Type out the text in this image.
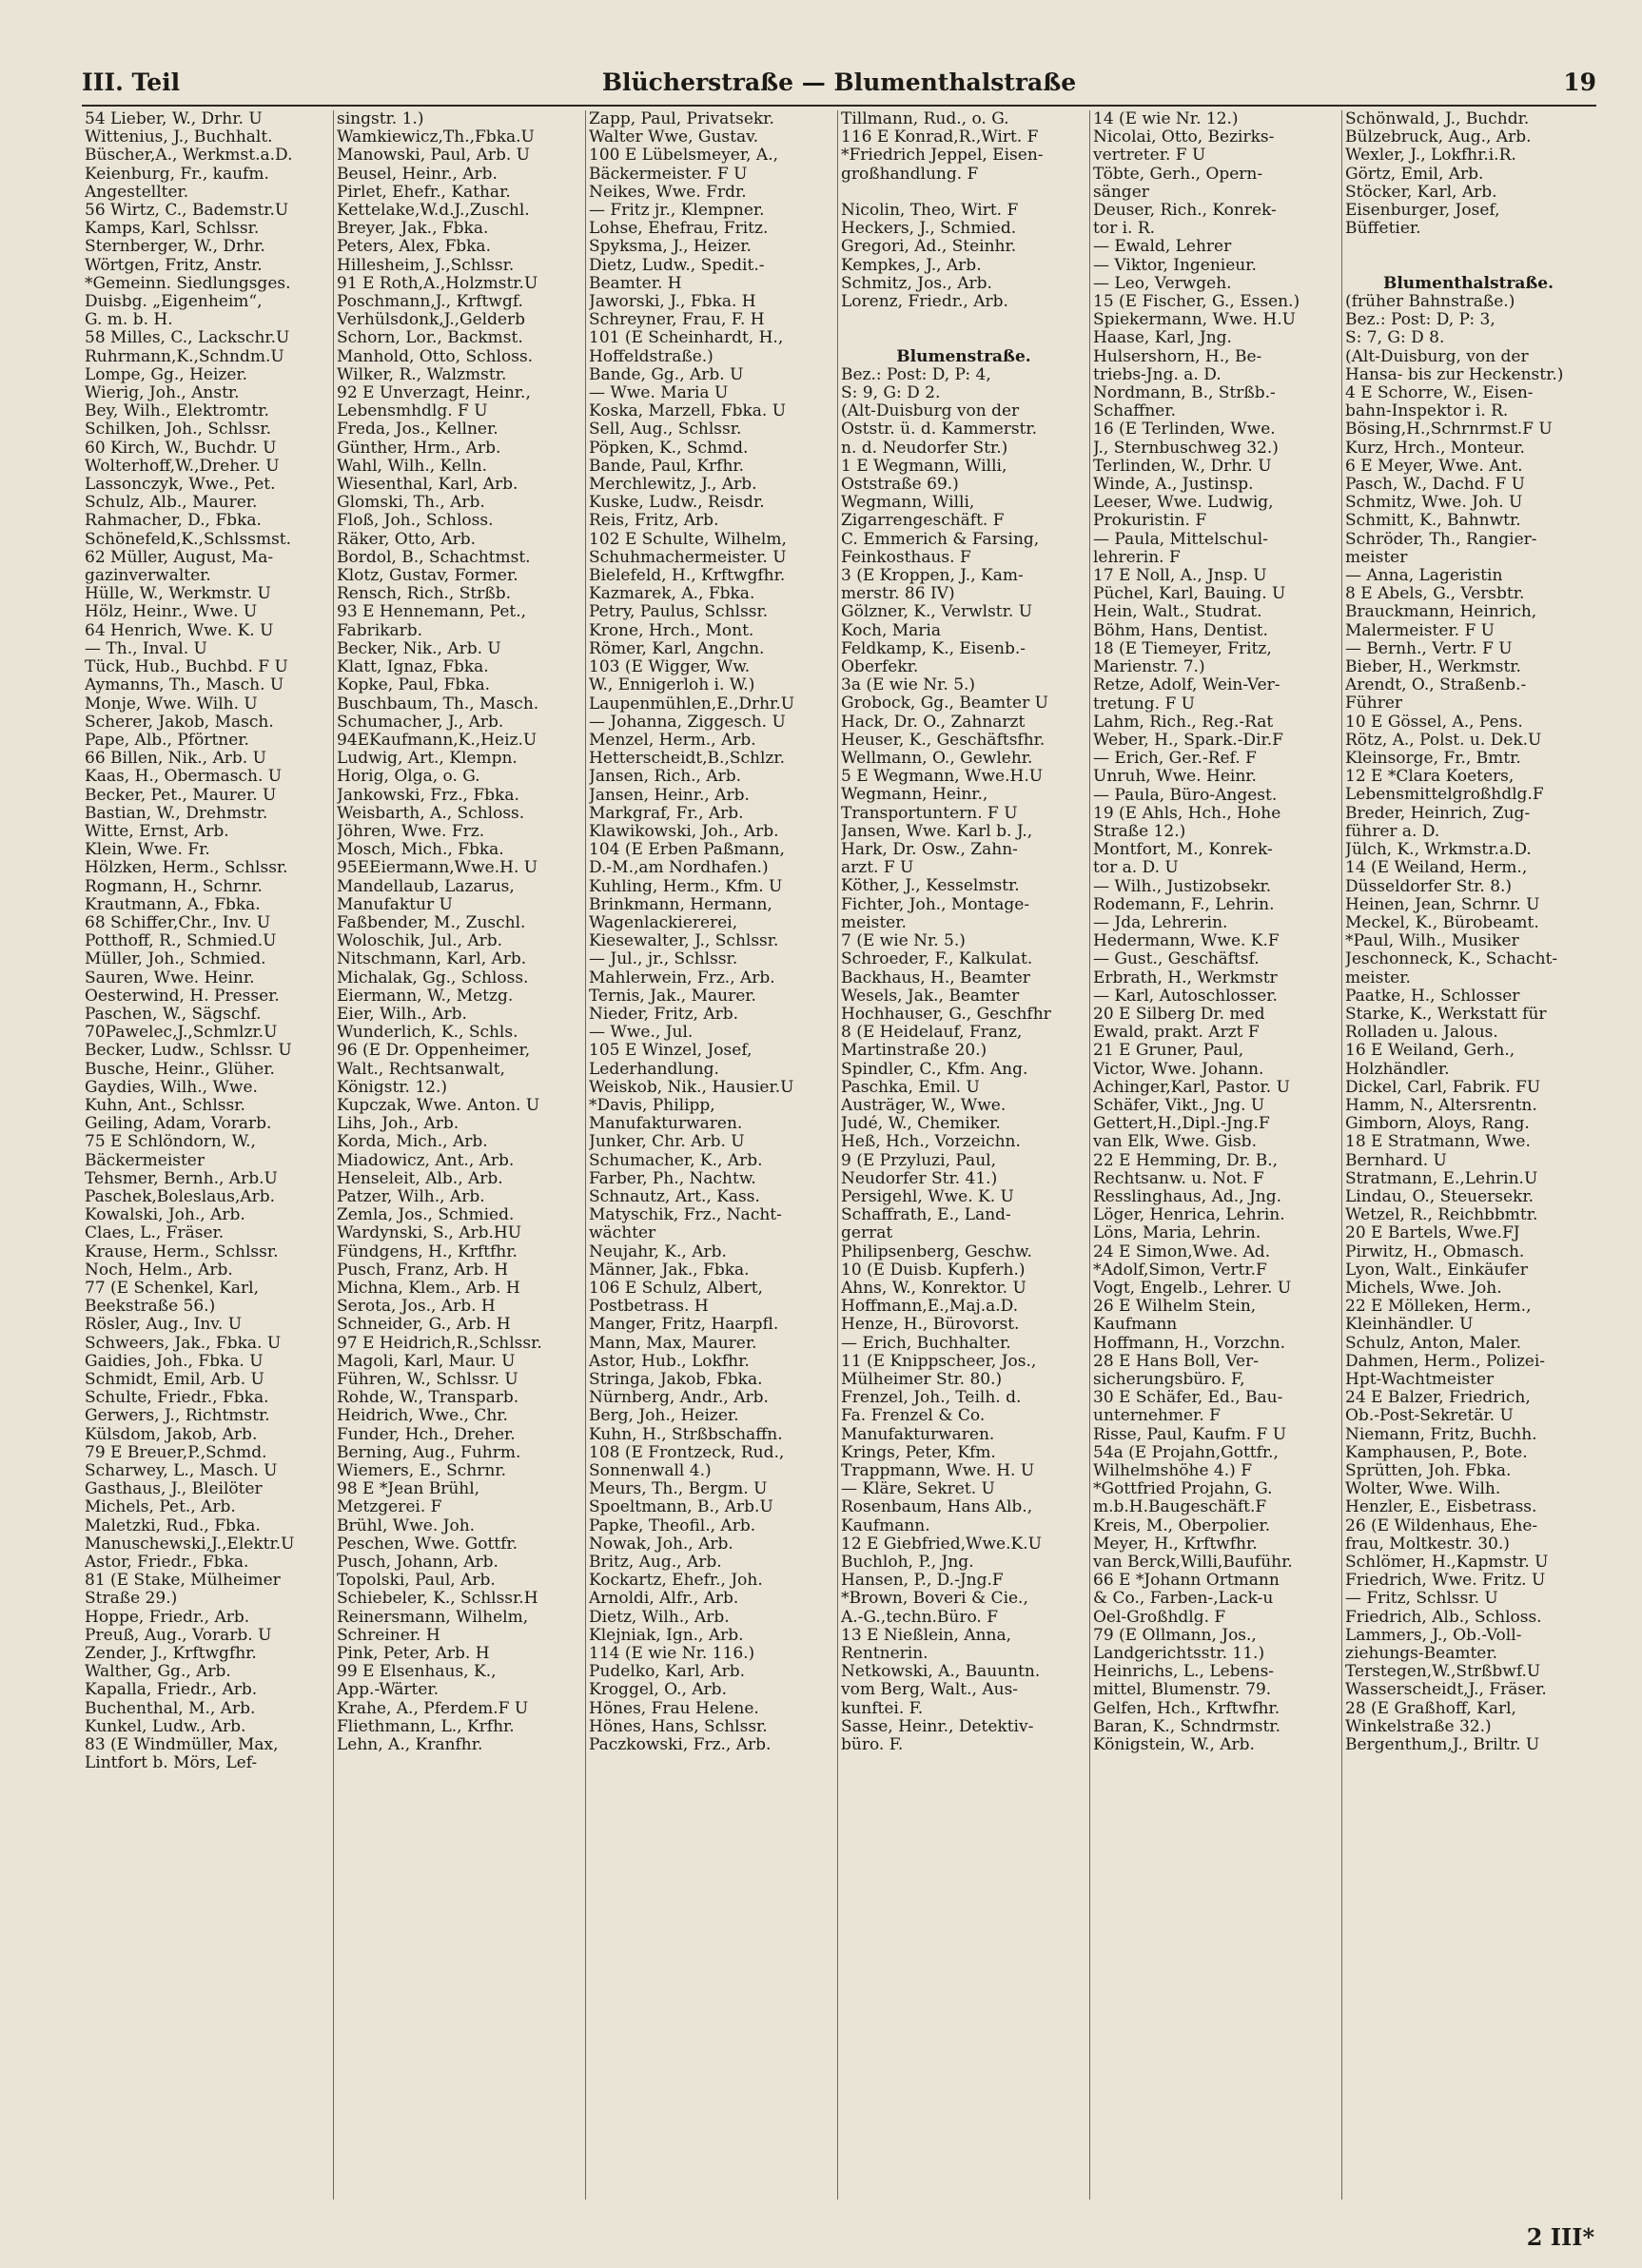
III. Teil	Blücherstraße — Blumenthalstraße	19
54 Lieber, W., Drhr. U
Wittenius, J., Buchhalt.
Büscher,A., Werkmst.a.D.
Keienburg, Fr., kaufm.
Angestellter.
56 Wirtz, C., Bademstr.U
Kamps, Karl, Schlssr.
Sternberger, W., Drhr.
Wörtgen, Fritz, Anstr.
*Gemeinn. Siedlungsges.
Duisbg. „Eigenheim“,
G. m. b. H.
58 Milles, C., Lackschr.U
Ruhrmann,K.,Schndm.U
Lompe, Gg., Heizer.
Wierig, Joh., Anstr.
Bey, Wilh., Elektromtr.
Schilken, Joh., Schlssr.
60 Kirch, W., Buchdr. U
Wolterhoff,W.,Dreher. U
Lassonczyk, Wwe., Pet.
Schulz, Alb., Maurer.
Rahmacher, D., Fbka.
Schönefeld,K.,Schlssmst.
62 Müller, August, Ma-
gazinverwalter.
Hülle, W., Werkmstr. U
Hölz, Heinr., Wwe. U
64 Henrich, Wwe. K. U
— Th., Inval. U
Tück, Hub., Buchbd. F U
Aymanns, Th., Masch. U
Monje, Wwe. Wilh. U
Scherer, Jakob, Masch.
Pape, Alb., Pförtner.
66 Billen, Nik., Arb. U
Kaas, H., Obermasch. U
Becker, Pet., Maurer. U
Bastian, W., Drehmstr.
Witte, Ernst, Arb.
Klein, Wwe. Fr.
Hölzken, Herm., Schlssr.
Rogmann, H., Schrnr.
Krautmann, A., Fbka.
68 Schiffer,Chr., Inv. U
Potthoff, R., Schmied.U
Müller, Joh., Schmied.
Sauren, Wwe. Heinr.
Oesterwind, H. Presser.
Paschen, W., Sägschf.
70Pawelec,J.,Schmlzr.U
Becker, Ludw., Schlssr. U
Busche, Heinr., Glüher.
Gaydies, Wilh., Wwe.
Kuhn, Ant., Schlssr.
Geiling, Adam, Vorarb.
75 E Schlöndorn, W.,
Bäckermeister
Tehsmer, Bernh., Arb.U
Paschek,Boleslaus,Arb.
Kowalski, Joh., Arb.
Claes, L., Fräser.
Krause, Herm., Schlssr.
Noch, Helm., Arb.
77 (E Schenkel, Karl,
Beekstraße 56.)
Rösler, Aug., Inv. U
Schweers, Jak., Fbka. U
Gaidies, Joh., Fbka. U
Schmidt, Emil, Arb. U
Schulte, Friedr., Fbka.
Gerwers, J., Richtmstr.
Külsdom, Jakob, Arb.
79 E Breuer,P.,Schmd.
Scharwey, L., Masch. U
Gasthaus, J., Bleilöter
Michels, Pet., Arb.
Maletzki, Rud., Fbka.
Manuschewski,J.,Elektr.U
Astor, Friedr., Fbka.
81 (E Stake, Mülheimer
Straße 29.)
Hoppe, Friedr., Arb.
Preuß, Aug., Vorarb. U
Zender, J., Krftwgfhr.
Walther, Gg., Arb.
Kapalla, Friedr., Arb.
Buchenthal, M., Arb.
Kunkel, Ludw., Arb.
83 (E Windmüller, Max,
Lintfort b. Mörs, Lef-
singstr. 1.)
Wamkiewicz,Th.,Fbka.U
Manowski, Paul, Arb. U
Beusel, Heinr., Arb.
Pirlet, Ehefr., Kathar.
Kettelake,W.d.J.,Zuschl.
Breyer, Jak., Fbka.
Peters, Alex, Fbka.
Hillesheim, J.,Schlssr.
91 E Roth,A.,Holzmstr.U
Poschmann,J., Krftwgf.
Verhülsdonk,J.,Gelderb
Schorn, Lor., Backmst.
Manhold, Otto, Schloss.
Wilker, R., Walzmstr.
92 E Unverzagt, Heinr.,
Lebensmhdlg. F U
Freda, Jos., Kellner.
Günther, Hrm., Arb.
Wahl, Wilh., Kelln.
Wiesenthal, Karl, Arb.
Glomski, Th., Arb.
Floß, Joh., Schloss.
Räker, Otto, Arb.
Bordol, B., Schachtmst.
Klotz, Gustav, Former.
Rensch, Rich., Strßb.
93 E Hennemann, Pet.,
Fabrikarb.
Becker, Nik., Arb. U
Klatt, Ignaz, Fbka.
Kopke, Paul, Fbka.
Buschbaum, Th., Masch.
Schumacher, J., Arb.
94EKaufmann,K.,Heiz.U
Ludwig, Art., Klempn.
Horig, Olga, o. G.
Jankowski, Frz., Fbka.
Weisbarth, A., Schloss.
Jöhren, Wwe. Frz.
Mosch, Mich., Fbka.
95EEiermann,Wwe.H. U
Mandellaub, Lazarus,
Manufaktur U
Faßbender, M., Zuschl.
Woloschik, Jul., Arb.
Nitschmann, Karl, Arb.
Michalak, Gg., Schloss.
Eiermann, W., Metzg.
Eier, Wilh., Arb.
Wunderlich, K., Schls.
96 (E Dr. Oppenheimer,
Walt., Rechtsanwalt,
Königstr. 12.)
Kupczak, Wwe. Anton. U
Lihs, Joh., Arb.
Korda, Mich., Arb.
Miadowicz, Ant., Arb.
Henseleit, Alb., Arb.
Patzer, Wilh., Arb.
Zemla, Jos., Schmied.
Wardynski, S., Arb.HU
Fündgens, H., Krftfhr.
Pusch, Franz, Arb. H
Michna, Klem., Arb. H
Serota, Jos., Arb. H
Schneider, G., Arb. H
97 E Heidrich,R.,Schlssr.
Magoli, Karl, Maur. U
Führen, W., Schlssr. U
Rohde, W., Transparb.
Heidrich, Wwe., Chr.
Funder, Hch., Dreher.
Berning, Aug., Fuhrm.
Wiemers, E., Schrnr.
98 E *Jean Brühl,
Metzgerei. F
Brühl, Wwe. Joh.
Peschen, Wwe. Gottfr.
Pusch, Johann, Arb.
Topolski, Paul, Arb.
Schiebeler, K., Schlssr.H
Reinersmann, Wilhelm,
Schreiner. H
Pink, Peter, Arb. H
99 E Elsenhaus, K.,
App.-Wärter.
Krahe, A., Pferdem.F U
Fliethmann, L., Krfhr.
Lehn, A., Kranfhr.
Zapp, Paul, Privatsekr.
Walter Wwe, Gustav.
100 E Lübelsmeyer, A.,
Bäckermeister. F U
Neikes, Wwe. Frdr.
— Fritz jr., Klempner.
Lohse, Ehefrau, Fritz.
Spyksma, J., Heizer.
Dietz, Ludw., Spedit.-
Beamter. H
Jaworski, J., Fbka. H
Schreyner, Frau, F. H
101 (E Scheinhardt, H.,
Hoffeldstraße.)
Bande, Gg., Arb. U
— Wwe. Maria U
Koska, Marzell, Fbka. U
Sell, Aug., Schlssr.
Pöpken, K., Schmd.
Bande, Paul, Krfhr.
Merchlewitz, J., Arb.
Kuske, Ludw., Reisdr.
Reis, Fritz, Arb.
102 E Schulte, Wilhelm,
Schuhmachermeister. U
Bielefeld, H., Krftwgfhr.
Kazmarek, A., Fbka.
Petry, Paulus, Schlssr.
Krone, Hrch., Mont.
Römer, Karl, Angchn.
103 (E Wigger, Ww.
W., Ennigerloh i. W.)
Laupenmühlen,E.,Drhr.U
— Johanna, Ziggesch. U
Menzel, Herm., Arb.
Hetterscheidt,B.,Schlzr.
Jansen, Rich., Arb.
Jansen, Heinr., Arb.
Markgraf, Fr., Arb.
Klawikowski, Joh., Arb.
104 (E Erben Paßmann,
D.-M.,am Nordhafen.)
Kuhling, Herm., Kfm. U
Brinkmann, Hermann,
Wagenlackiererei,
Kiesewalter, J., Schlssr.
— Jul., jr., Schlssr.
Mahlerwein, Frz., Arb.
Ternis, Jak., Maurer.
Nieder, Fritz, Arb.
— Wwe., Jul.
105 E Winzel, Josef,
Lederhandlung.
Weiskob, Nik., Hausier.U
*Davis, Philipp,
Manufakturwaren.
Junker, Chr. Arb. U
Schumacher, K., Arb.
Farber, Ph., Nachtw.
Schnautz, Art., Kass.
Matyschik, Frz., Nacht-
wächter
Neujahr, K., Arb.
Männer, Jak., Fbka.
106 E Schulz, Albert,
Postbetrass. H
Manger, Fritz, Haarpfl.
Mann, Max, Maurer.
Astor, Hub., Lokfhr.
Stringa, Jakob, Fbka.
Nürnberg, Andr., Arb.
Berg, Joh., Heizer.
Kuhn, H., Strßbschaffn.
108 (E Frontzeck, Rud.,
Sonnenwall 4.)
Meurs, Th., Bergm. U
Spoeltmann, B., Arb.U
Papke, Theofil., Arb.
Nowak, Joh., Arb.
Britz, Aug., Arb.
Kockartz, Ehefr., Joh.
Arnoldi, Alfr., Arb.
Dietz, Wilh., Arb.
Klejniak, Ign., Arb.
114 (E wie Nr. 116.)
Pudelko, Karl, Arb.
Kroggel, O., Arb.
Hönes, Frau Helene.
Hönes, Hans, Schlssr.
Paczkowski, Frz., Arb.
Tillmann, Rud., o. G.
116 E Konrad,R.,Wirt. F
*Friedrich Jeppel, Eisen-
großhandlung. F
Nicolin, Theo, Wirt. F
Heckers, J., Schmied.
Gregori, Ad., Steinhr.
Kempkes, J., Arb.
Schmitz, Jos., Arb.
Lorenz, Friedr., Arb.
Blumenstraße.
Bez.: Post: D, P: 4,
S: 9, G: D 2.
(Alt-Duisburg von der
Oststr. ü. d. Kammerstr.
n. d. Neudorfer Str.)
1 E Wegmann, Willi,
Oststraße 69.)
Wegmann, Willi,
Zigarrengeschäft. F
C. Emmerich & Farsing,
Feinkosthaus. F
3 (E Kroppen, J., Kam-
merstr. 86 IV)
Gölzner, K., Verwlstr. U
Koch, Maria
Feldkamp, K., Eisenb.-
Oberfekr.
3a (E wie Nr. 5.)
Grobock, Gg., Beamter U
Hack, Dr. O., Zahnarzt
Heuser, K., Geschäftsfhr.
Wellmann, O., Gewlehr.
5 E Wegmann, Wwe.H.U
Wegmann, Heinr.,
Transportuntern. F U
Jansen, Wwe. Karl b. J.,
Hark, Dr. Osw., Zahn-
arzt. F U
Köther, J., Kesselmstr.
Fichter, Joh., Montage-
meister.
7 (E wie Nr. 5.)
Schroeder, F., Kalkulat.
Backhaus, H., Beamter
Wesels, Jak., Beamter
Hochhauser, G., Geschfhr
8 (E Heidelauf, Franz,
Martinstraße 20.)
Spindler, C., Kfm. Ang.
Paschka, Emil. U
Austräger, W., Wwe.
Judé, W., Chemiker.
Heß, Hch., Vorzeichn.
9 (E Przyluzi, Paul,
Neudorfer Str. 41.)
Persigehl, Wwe. K. U
Schaffrath, E., Land-
gerrat
Philipsenberg, Geschw.
10 (E Duisb. Kupferh.)
Ahns, W., Konrektor. U
Hoffmann,E.,Maj.a.D.
Henze, H., Bürovorst.
— Erich, Buchhalter.
11 (E Knippscheer, Jos.,
Mülheimer Str. 80.)
Frenzel, Joh., Teilh. d.
Fa. Frenzel & Co.
Manufakturwaren.
Krings, Peter, Kfm.
Trappmann, Wwe. H. U
— Kläre, Sekret. U
Rosenbaum, Hans Alb.,
Kaufmann.
12 E Giebfried,Wwe.K.U
Buchloh, P., Jng.
Hansen, P., D.-Jng.F
*Brown, Boveri & Cie.,
A.-G.,techn.Büro. F
13 E Nießlein, Anna,
Rentnerin.
Netkowski, A., Bauuntn.
vom Berg, Walt., Aus-
kunftei. F.
Sasse, Heinr., Detektiv-
büro. F.
14 (E wie Nr. 12.)
Nicolai, Otto, Bezirks-
vertreter. F U
Töbte, Gerh., Opern-
sänger
Deuser, Rich., Konrek-
tor i. R.
— Ewald, Lehrer
— Viktor, Ingenieur.
— Leo, Verwgeh.
15 (E Fischer, G., Essen.)
Spiekermann, Wwe. H.U
Haase, Karl, Jng.
Hulsershorn, H., Be-
triebs-Jng. a. D.
Nordmann, B., Strßb.-
Schaffner.
16 (E Terlinden, Wwe.
J., Sternbuschweg 32.)
Terlinden, W., Drhr. U
Winde, A., Justinsp.
Leeser, Wwe. Ludwig,
Prokuristin. F
— Paula, Mittelschul-
lehrerin. F
17 E Noll, A., Jnsp. U
Püchel, Karl, Bauing. U
Hein, Walt., Studrat.
Böhm, Hans, Dentist.
18 (E Tiemeyer, Fritz,
Marienstr. 7.)
Retze, Adolf, Wein-Ver-
tretung. F U
Lahm, Rich., Reg.-Rat
Weber, H., Spark.-Dir.F
— Erich, Ger.-Ref. F
Unruh, Wwe. Heinr.
— Paula, Büro-Angest.
19 (E Ahls, Hch., Hohe
Straße 12.)
Montfort, M., Konrek-
tor a. D. U
— Wilh., Justizobsekr.
Rodemann, F., Lehrin.
— Jda, Lehrerin.
Hedermann, Wwe. K.F
— Gust., Geschäftsf.
Erbrath, H., Werkmstr
— Karl, Autoschlosser.
20 E Silberg Dr. med
Ewald, prakt. Arzt F
21 E Gruner, Paul,
Victor, Wwe. Johann.
Achinger,Karl, Pastor. U
Schäfer, Vikt., Jng. U
Gettert,H.,Dipl.-Jng.F
van Elk, Wwe. Gisb.
22 E Hemming, Dr. B.,
Rechtsanw. u. Not. F
Resslinghaus, Ad., Jng.
Löger, Henrica, Lehrin.
Löns, Maria, Lehrin.
24 E Simon,Wwe. Ad.
*Adolf,Simon, Vertr.F
Vogt, Engelb., Lehrer. U
26 E Wilhelm Stein,
Kaufmann
Hoffmann, H., Vorzchn.
28 E Hans Boll, Ver-
sicherungsbüro. F,
30 E Schäfer, Ed., Bau-
unternehmer. F
Risse, Paul, Kaufm. F U
54a (E Projahn,Gottfr.,
Wilhelmshöhe 4.) F
*Gottfried Projahn, G.
m.b.H.Baugeschäft.F
Kreis, M., Oberpolier.
Meyer, H., Krftwfhr.
van Berck,Willi,Bauführ.
66 E *Johann Ortmann
& Co., Farben-,Lack-u
Oel-Großhdlg. F
79 (E Ollmann, Jos.,
Landgerichtsstr. 11.)
Heinrichs, L., Lebens-
mittel, Blumenstr. 79.
Gelfen, Hch., Krftwfhr.
Baran, K., Schndrmstr.
Königstein, W., Arb.
Schönwald, J., Buchdr.
Bülzebruck, Aug., Arb.
Wexler, J., Lokfhr.i.R.
Görtz, Emil, Arb.
Stöcker, Karl, Arb.
Eisenburger, Josef,
Büffetier.
Blumenthalstraße.
(früher Bahnstraße.)
Bez.: Post: D, P: 3,
S: 7, G: D 8.
(Alt-Duisburg, von der
Hansa- bis zur Heckenstr.)
4 E Schorre, W., Eisen-
bahn-Inspektor i. R.
Bösing,H.,Schrnrmst.F U
Kurz, Hrch., Monteur.
6 E Meyer, Wwe. Ant.
Pasch, W., Dachd. F U
Schmitz, Wwe. Joh. U
Schmitt, K., Bahnwtr.
Schröder, Th., Rangier-
meister
— Anna, Lageristin
8 E Abels, G., Versbtr.
Brauckmann, Heinrich,
Malermeister. F U
— Bernh., Vertr. F U
Bieber, H., Werkmstr.
Arendt, O., Straßenb.-
Führer
10 E Gössel, A., Pens.
Rötz, A., Polst. u. Dek.U
Kleinsorge, Fr., Bmtr.
12 E *Clara Koeters,
Lebensmittelgroßhdlg.F
Breder, Heinrich, Zug-
führer a. D.
Jülch, K., Wrkmstr.a.D.
14 (E Weiland, Herm.,
Düsseldorfer Str. 8.)
Heinen, Jean, Schrnr. U
Meckel, K., Bürobeamt.
*Paul, Wilh., Musiker
Jeschonneck, K., Schacht-
meister.
Paatke, H., Schlosser
Starke, K., Werkstatt für
Rolladen u. Jalous.
16 E Weiland, Gerh.,
Holzhändler.
Dickel, Carl, Fabrik. FU
Hamm, N., Altersrentn.
Gimborn, Aloys, Rang.
18 E Stratmann, Wwe.
Bernhard. U
Stratmann, E.,Lehrin.U
Lindau, O., Steuersekr.
Wetzel, R., Reichbbmtr.
20 E Bartels, Wwe.FJ
Pirwitz, H., Obmasch.
Lyon, Walt., Einkäufer
Michels, Wwe. Joh.
22 E Mölleken, Herm.,
Kleinhändler. U
Schulz, Anton, Maler.
Dahmen, Herm., Polizei-
Hpt-Wachtmeister
24 E Balzer, Friedrich,
Ob.-Post-Sekretär. U
Niemann, Fritz, Buchh.
Kamphausen, P., Bote.
Sprütten, Joh. Fbka.
Wolter, Wwe. Wilh.
Henzler, E., Eisbetrass.
26 (E Wildenhaus, Ehe-
frau, Moltkestr. 30.)
Schlömer, H.,Kapmstr. U
Friedrich, Wwe. Fritz. U
— Fritz, Schlssr. U
Friedrich, Alb., Schloss.
Lammers, J., Ob.-Voll-
ziehungs-Beamter.
Terstegen,W.,Strßbwf.U
Wasserscheidt,J., Fräser.
28 (E Graßhoff, Karl,
Winkelstraße 32.)
Bergenthum,J., Briltr. U
2 III*
